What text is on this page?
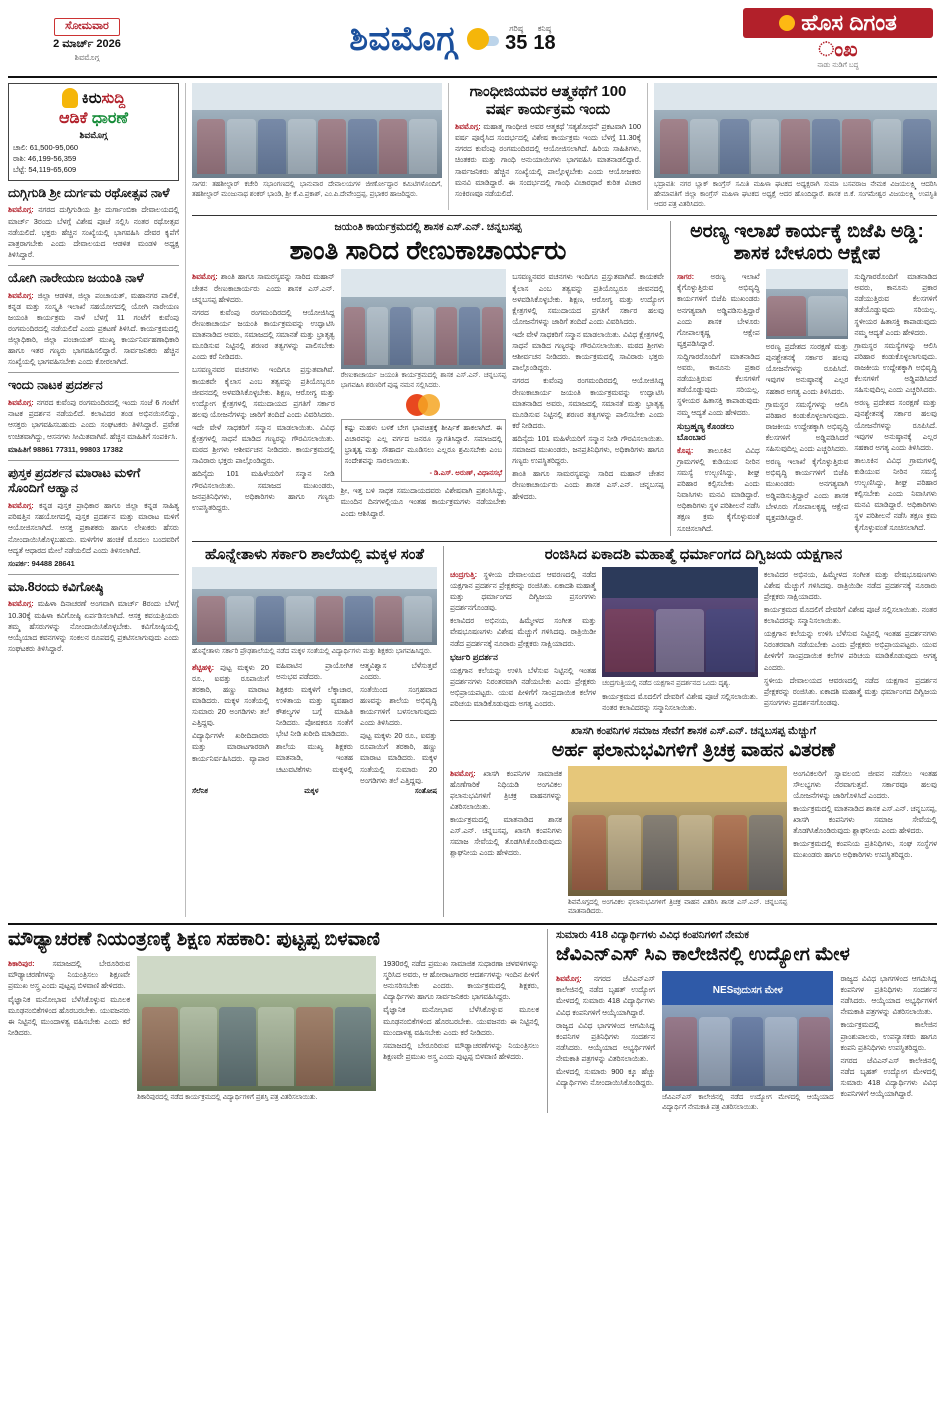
ಸೋಮವಾರ
2 ಮಾರ್ಚ್ 2026
ಶಿವಮೊಗ್ಗ	ಶಿವಮೊಗ್ಗ	ಗರಿಷ್ಠ
35
ಕನಿಷ್ಠ
18
ಹೊಸ ದಿಗಂತ
ಂಖ
ನಾಡು ನುಡಿಗೆ ಬದ್ಧ
ಕಿರುಸುದ್ದಿ
ಆಡಿಕೆ ಧಾರಣೆ
ಶಿವಮೊಗ್ಗ
ಚಾಲಿ: 61,500-95,060
ರಾಶಿ: 46,199-56,359
ಬೆಟ್ಟೆ: 54,119-65,609
ದುಗ್ಗಿಗುಡಿ ಶ್ರೀ ದುರ್ಗಮ ರಥೋತ್ಸವ ನಾಳೆ

ಶಿವಮೊಗ್ಗ: ನಗರದ ದುಗ್ಗಿಗುಡಿಯ ಶ್ರೀ ದುರ್ಗಾಂಬಿಕಾ ದೇವಾಲಯದಲ್ಲಿ ಮಾರ್ಚ್ 3ರಂದು ಬೆಳಗ್ಗೆ ವಿಶೇಷ ಪೂಜೆ ಸಲ್ಲಿಸಿ ನಂತರ ರಥೋತ್ಸವ ನಡೆಯಲಿದೆ. ಭಕ್ತರು ಹೆಚ್ಚಿನ ಸಂಖ್ಯೆಯಲ್ಲಿ ಭಾಗವಹಿಸಿ ದೇವರ ಕೃಪೆಗೆ ಪಾತ್ರರಾಗಬೇಕು ಎಂದು ದೇವಾಲಯದ ಆಡಳಿತ ಮಂಡಳಿ ಅಧ್ಯಕ್ಷ ತಿಳಿಸಿದ್ದಾರೆ.

ಯೋಗಿ ನಾರೇಯಣ ಜಯಂತಿ ನಾಳೆ

ಶಿವಮೊಗ್ಗ: ಜಿಲ್ಲಾ ಆಡಳಿತ, ಜಿಲ್ಲಾ ಪಂಚಾಯತ್, ಮಹಾನಗರ ಪಾಲಿಕೆ, ಕನ್ನಡ ಮತ್ತು ಸಂಸ್ಕೃತಿ ಇಲಾಖೆ ಸಹಯೋಗದಲ್ಲಿ ಯೋಗಿ ನಾರೇಯಣ ಜಯಂತಿ ಕಾರ್ಯಕ್ರಮ ನಾಳೆ ಬೆಳಗ್ಗೆ 11 ಗಂಟೆಗೆ ಕುವೆಂಪು ರಂಗಮಂದಿರದಲ್ಲಿ ನಡೆಯಲಿದೆ ಎಂದು ಪ್ರಕಟಣೆ ತಿಳಿಸಿದೆ. ಕಾರ್ಯಕ್ರಮದಲ್ಲಿ ಜಿಲ್ಲಾಧಿಕಾರಿ, ಜಿಲ್ಲಾ ಪಂಚಾಯತ್ ಮುಖ್ಯ ಕಾರ್ಯನಿರ್ವಹಣಾಧಿಕಾರಿ ಹಾಗೂ ಇತರ ಗಣ್ಯರು ಭಾಗವಹಿಸಲಿದ್ದಾರೆ. ಸಾರ್ವಜನಿಕರು ಹೆಚ್ಚಿನ ಸಂಖ್ಯೆಯಲ್ಲಿ ಭಾಗವಹಿಸಬೇಕು ಎಂದು ಕೋರಲಾಗಿದೆ.

ಇಂದು ನಾಟಕ ಪ್ರದರ್ಶನ

ಶಿವಮೊಗ್ಗ: ನಗರದ ಕುವೆಂಪು ರಂಗಮಂದಿರದಲ್ಲಿ ಇಂದು ಸಂಜೆ 6 ಗಂಟೆಗೆ ನಾಟಕ ಪ್ರದರ್ಶನ ನಡೆಯಲಿದೆ. ಕಲಾವಿದರ ತಂಡ ಅಭಿನಯಿಸಲಿದ್ದು, ಆಸಕ್ತರು ಭಾಗವಹಿಸಬಹುದು ಎಂದು ಸಂಘಟಕರು ತಿಳಿಸಿದ್ದಾರೆ. ಪ್ರವೇಶ ಉಚಿತವಾಗಿದ್ದು, ಆಸನಗಳು ಸೀಮಿತವಾಗಿವೆ. ಹೆಚ್ಚಿನ ಮಾಹಿತಿಗೆ ಸಂಪರ್ಕಿಸಿ.

ಮಾಹಿತಿಗೆ 98861 77311, 99803 17382

ಪುಸ್ತಕ ಪ್ರದರ್ಶನ ಮಾರಾಟ ಮಳಿಗೆ ಸೊಂದಿಗೆ ಆಹ್ವಾನ

ಶಿವಮೊಗ್ಗ: ಕನ್ನಡ ಪುಸ್ತಕ ಪ್ರಾಧಿಕಾರ ಹಾಗೂ ಜಿಲ್ಲಾ ಕನ್ನಡ ಸಾಹಿತ್ಯ ಪರಿಷತ್ತಿನ ಸಹಯೋಗದಲ್ಲಿ ಪುಸ್ತಕ ಪ್ರದರ್ಶನ ಮತ್ತು ಮಾರಾಟ ಮಳಿಗೆ ಆಯೋಜಿಸಲಾಗಿದೆ. ಆಸಕ್ತ ಪ್ರಕಾಶಕರು ಹಾಗೂ ಲೇಖಕರು ಹೆಸರು ನೋಂದಾಯಿಸಿಕೊಳ್ಳಬಹುದು. ಮಳಿಗೆಗಳ ಹಂಚಿಕೆ ಮೊದಲು ಬಂದವರಿಗೆ ಆದ್ಯತೆ ಆಧಾರದ ಮೇಲೆ ನಡೆಯಲಿದೆ ಎಂದು ತಿಳಿಸಲಾಗಿದೆ.

ಸಂಪರ್ಕ: 94488 28641

ಮಾ.8ರಂದು ಕವಿಗೋಷ್ಠಿ

ಶಿವಮೊಗ್ಗ: ಮಹಿಳಾ ದಿನಾಚರಣೆ ಅಂಗವಾಗಿ ಮಾರ್ಚ್ 8ರಂದು ಬೆಳಗ್ಗೆ 10.30ಕ್ಕೆ ಮಹಿಳಾ ಕವಿಗೋಷ್ಠಿ ಏರ್ಪಡಿಸಲಾಗಿದೆ. ಆಸಕ್ತ ಕವಯತ್ರಿಯರು ತಮ್ಮ ಹೆಸರುಗಳನ್ನು ನೋಂದಾಯಿಸಿಕೊಳ್ಳಬೇಕು. ಕವಿಗೋಷ್ಠಿಯಲ್ಲಿ ಆಯ್ಕೆಯಾದ ಕವನಗಳನ್ನು ಸಂಕಲನ ರೂಪದಲ್ಲಿ ಪ್ರಕಟಿಸಲಾಗುವುದು ಎಂದು ಸಂಘಟಕರು ತಿಳಿಸಿದ್ದಾರೆ.

ಸಾಗರ: ತಹಶೀಲ್ದಾರ್ ಕಚೇರಿ ಸಭಾಂಗಣದಲ್ಲಿ ಭಾನುವಾರ ದೇವಾಲಯಗಳ ಜೀರ್ಣೋದ್ಧಾರ ಕಮಿಟಿಗಳೊಂದಿಗೆ, ತಹಶೀಲ್ದಾರ್ ಮಂಜುನಾಥ ಶಂಕರ್ ಭಾಂಡಿ, ಶ್ರೀ ಕೆ.ವಿ.ಪ್ರಕಾಶ್, ಎಂ.ಪಿ.ದೇವೇಂದ್ರಪ್ಪ, ಪ್ರಭಾಕರ ಹಾಜರಿದ್ದರು.
ಗಾಂಧೀಜಿಯವರ ಆತ್ಮಕಥೆಗೆ 100 ವರ್ಷ ಕಾರ್ಯಕ್ರಮ ಇಂದು

ಶಿವಮೊಗ್ಗ: ಮಹಾತ್ಮ ಗಾಂಧೀಜಿ ಅವರ ಆತ್ಮಕಥೆ 'ಸತ್ಯಶೋಧನೆ' ಪ್ರಕಟವಾಗಿ 100 ವರ್ಷ ಪೂರೈಸಿದ ಸಂದರ್ಭದಲ್ಲಿ ವಿಶೇಷ ಕಾರ್ಯಕ್ರಮ ಇಂದು ಬೆಳಗ್ಗೆ 11.30ಕ್ಕೆ ನಗರದ ಕುವೆಂಪು ರಂಗಮಂದಿರದಲ್ಲಿ ಆಯೋಜಿಸಲಾಗಿದೆ. ಹಿರಿಯ ಸಾಹಿತಿಗಳು, ಚಿಂತಕರು ಮತ್ತು ಗಾಂಧಿ ಅನುಯಾಯಿಗಳು ಭಾಗವಹಿಸಿ ಮಾತನಾಡಲಿದ್ದಾರೆ. ಸಾರ್ವಜನಿಕರು ಹೆಚ್ಚಿನ ಸಂಖ್ಯೆಯಲ್ಲಿ ಪಾಲ್ಗೊಳ್ಳಬೇಕು ಎಂದು ಆಯೋಜಕರು ಮನವಿ ಮಾಡಿದ್ದಾರೆ. ಈ ಸಂದರ್ಭದಲ್ಲಿ ಗಾಂಧಿ ವಿಚಾರಧಾರೆ ಕುರಿತ ವಿಚಾರ ಸಂಕಿರಣವೂ ನಡೆಯಲಿದೆ.

ಭದ್ರಾವತಿ: ನಗರ ಬ್ಲಾಕ್ ಕಾಂಗ್ರೆಸ್ ಸಮಿತಿ ಮಹಿಳಾ ಘಟಕದ ಅಧ್ಯಕ್ಷರಾಗಿ ಸುಮಾ ಬಸವರಾಜ ನೇಮಕ ವಿಜಯಲಕ್ಷ್ಮಿ ಆದರಿಸಿ ಹೇಮಾವತಿಗೆ ಜಿಲ್ಲಾ ಕಾಂಗ್ರೆಸ್ ಮಹಿಳಾ ಘಟಕದ ಅಧ್ಯಕ್ಷೆ ಆದರ ಹೊಂದಿದ್ದಾರೆ. ಶಾಸಕ ಬಿ.ಕೆ. ಸಂಗಮೇಶ್ವರ ವಿಜಯಲಕ್ಷ್ಮಿ ಉಪಸ್ಥಿತಿ ಆದರ ಪತ್ರ ವಿತರಿಸಿದರು.
ಜಯಂತಿ ಕಾರ್ಯಕ್ರಮದಲ್ಲಿ ಶಾಸಕ ಎಸ್.ಎನ್. ಚನ್ನಬಸಪ್ಪ
ಶಾಂತಿ ಸಾರಿದ ರೇಣುಕಾಚಾರ್ಯರು

ಶಿವಮೊಗ್ಗ: ಶಾಂತಿ ಹಾಗೂ ಸಾಮರಸ್ಯವನ್ನು ಸಾರಿದ ಮಹಾನ್ ಚೇತನ ರೇಣುಕಾಚಾರ್ಯರು ಎಂದು ಶಾಸಕ ಎಸ್.ಎನ್. ಚನ್ನಬಸಪ್ಪ ಹೇಳಿದರು.

ನಗರದ ಕುವೆಂಪು ರಂಗಮಂದಿರದಲ್ಲಿ ಆಯೋಜಿಸಿದ್ದ ರೇಣುಕಾಚಾರ್ಯ ಜಯಂತಿ ಕಾರ್ಯಕ್ರಮವನ್ನು ಉದ್ಘಾಟಿಸಿ ಮಾತನಾಡಿದ ಅವರು, ಸಮಾಜದಲ್ಲಿ ಸಮಾನತೆ ಮತ್ತು ಭ್ರಾತೃತ್ವ ಮೂಡಿಸುವ ನಿಟ್ಟಿನಲ್ಲಿ ಶರಣರ ತತ್ವಗಳನ್ನು ಪಾಲಿಸಬೇಕು ಎಂದು ಕರೆ ನೀಡಿದರು.

ಬಸವಣ್ಣನವರ ವಚನಗಳು ಇಂದಿಗೂ ಪ್ರಸ್ತುತವಾಗಿವೆ. ಕಾಯಕವೇ ಕೈಲಾಸ ಎಂಬ ತತ್ವವನ್ನು ಪ್ರತಿಯೊಬ್ಬರೂ ಜೀವನದಲ್ಲಿ ಅಳವಡಿಸಿಕೊಳ್ಳಬೇಕು. ಶಿಕ್ಷಣ, ಆರೋಗ್ಯ ಮತ್ತು ಉದ್ಯೋಗ ಕ್ಷೇತ್ರಗಳಲ್ಲಿ ಸಮುದಾಯದ ಪ್ರಗತಿಗೆ ಸರ್ಕಾರ ಹಲವು ಯೋಜನೆಗಳನ್ನು ಜಾರಿಗೆ ತಂದಿದೆ ಎಂದು ವಿವರಿಸಿದರು.

ಇದೇ ವೇಳೆ ಸಾಧಕರಿಗೆ ಸನ್ಮಾನ ಮಾಡಲಾಯಿತು. ವಿವಿಧ ಕ್ಷೇತ್ರಗಳಲ್ಲಿ ಸಾಧನೆ ಮಾಡಿದ ಗಣ್ಯರನ್ನು ಗೌರವಿಸಲಾಯಿತು. ಮಠದ ಶ್ರೀಗಳು ಆಶೀರ್ವಚನ ನೀಡಿದರು. ಕಾರ್ಯಕ್ರಮದಲ್ಲಿ ಸಾವಿರಾರು ಭಕ್ತರು ಪಾಲ್ಗೊಂಡಿದ್ದರು.

ಹದಿನೈದು 101 ಮಹಿಳೆಯರಿಗೆ ಸನ್ಮಾನ ನೀಡಿ ಗೌರವಿಸಲಾಯಿತು. ಸಮಾಜದ ಮುಖಂಡರು, ಜನಪ್ರತಿನಿಧಿಗಳು, ಅಧಿಕಾರಿಗಳು ಹಾಗೂ ಗಣ್ಯರು ಉಪಸ್ಥಿತರಿದ್ದರು.

ರೇಣುಕಾಚಾರ್ಯ ಜಯಂತಿ ಕಾರ್ಯಕ್ರಮದಲ್ಲಿ ಶಾಸಕ ಎಸ್.ಎನ್. ಚನ್ನಬಸಪ್ಪ ಭಾಗವಹಿಸಿ ಶರಣರಿಗೆ ಪುಷ್ಪ ನಮನ ಸಲ್ಲಿಸಿದರು.
ಕಷ್ಟು ಮಹಳು ಬಳಕೆ ಬೇಗ ಭಾವಚಿತ್ರಕ್ಕೆ ಶೀರ್ಷಿಕೆ ಹಾಕಲಾಗಿದೆ. ಈ ವಿಚಾರವನ್ನು ಎಲ್ಲ ವರ್ಗದ ಜನರೂ ಸ್ವಾಗತಿಸಿದ್ದಾರೆ. ಸಮಾಜದಲ್ಲಿ ಭ್ರಾತೃತ್ವ ಮತ್ತು ಸೌಹಾರ್ದ ಮೂಡಿಸಲು ಎಲ್ಲರೂ ಶ್ರಮಿಸಬೇಕು ಎಂಬ ಸಂದೇಶವನ್ನು ಸಾರಲಾಯಿತು.
- ಡಿ.ಎಸ್. ಅರುಣ್, ವಿಧಾನಸಭೆ

ಶ್ರೀ, ಇತ್ತ ಬಳಿ ಸಾಧಕ ಸಮುದಾಯದವರು ವಿಶೇಷವಾಗಿ ಪ್ರಶಂಸಿಸಿದ್ದು, ಮುಂದಿನ ದಿನಗಳಲ್ಲಿಯೂ ಇಂತಹ ಕಾರ್ಯಕ್ರಮಗಳು ನಡೆಯಬೇಕು ಎಂದು ಆಶಿಸಿದ್ದಾರೆ.

ಬಸವಣ್ಣನವರ ವಚನಗಳು ಇಂದಿಗೂ ಪ್ರಸ್ತುತವಾಗಿವೆ. ಕಾಯಕವೇ ಕೈಲಾಸ ಎಂಬ ತತ್ವವನ್ನು ಪ್ರತಿಯೊಬ್ಬರೂ ಜೀವನದಲ್ಲಿ ಅಳವಡಿಸಿಕೊಳ್ಳಬೇಕು. ಶಿಕ್ಷಣ, ಆರೋಗ್ಯ ಮತ್ತು ಉದ್ಯೋಗ ಕ್ಷೇತ್ರಗಳಲ್ಲಿ ಸಮುದಾಯದ ಪ್ರಗತಿಗೆ ಸರ್ಕಾರ ಹಲವು ಯೋಜನೆಗಳನ್ನು ಜಾರಿಗೆ ತಂದಿದೆ ಎಂದು ವಿವರಿಸಿದರು.

ಇದೇ ವೇಳೆ ಸಾಧಕರಿಗೆ ಸನ್ಮಾನ ಮಾಡಲಾಯಿತು. ವಿವಿಧ ಕ್ಷೇತ್ರಗಳಲ್ಲಿ ಸಾಧನೆ ಮಾಡಿದ ಗಣ್ಯರನ್ನು ಗೌರವಿಸಲಾಯಿತು. ಮಠದ ಶ್ರೀಗಳು ಆಶೀರ್ವಚನ ನೀಡಿದರು. ಕಾರ್ಯಕ್ರಮದಲ್ಲಿ ಸಾವಿರಾರು ಭಕ್ತರು ಪಾಲ್ಗೊಂಡಿದ್ದರು.

ನಗರದ ಕುವೆಂಪು ರಂಗಮಂದಿರದಲ್ಲಿ ಆಯೋಜಿಸಿದ್ದ ರೇಣುಕಾಚಾರ್ಯ ಜಯಂತಿ ಕಾರ್ಯಕ್ರಮವನ್ನು ಉದ್ಘಾಟಿಸಿ ಮಾತನಾಡಿದ ಅವರು, ಸಮಾಜದಲ್ಲಿ ಸಮಾನತೆ ಮತ್ತು ಭ್ರಾತೃತ್ವ ಮೂಡಿಸುವ ನಿಟ್ಟಿನಲ್ಲಿ ಶರಣರ ತತ್ವಗಳನ್ನು ಪಾಲಿಸಬೇಕು ಎಂದು ಕರೆ ನೀಡಿದರು.

ಹದಿನೈದು 101 ಮಹಿಳೆಯರಿಗೆ ಸನ್ಮಾನ ನೀಡಿ ಗೌರವಿಸಲಾಯಿತು. ಸಮಾಜದ ಮುಖಂಡರು, ಜನಪ್ರತಿನಿಧಿಗಳು, ಅಧಿಕಾರಿಗಳು ಹಾಗೂ ಗಣ್ಯರು ಉಪಸ್ಥಿತರಿದ್ದರು.

ಶಾಂತಿ ಹಾಗೂ ಸಾಮರಸ್ಯವನ್ನು ಸಾರಿದ ಮಹಾನ್ ಚೇತನ ರೇಣುಕಾಚಾರ್ಯರು ಎಂದು ಶಾಸಕ ಎಸ್.ಎನ್. ಚನ್ನಬಸಪ್ಪ ಹೇಳಿದರು.

ಅರಣ್ಯ ಇಲಾಖೆ ಕಾರ್ಯಕ್ಕೆ ಬಿಜೆಪಿ ಅಡ್ಡಿ: ಶಾಸಕ ಬೇಳೂರು ಆಕ್ಷೇಪ

ಸಾಗರ: ಅರಣ್ಯ ಇಲಾಖೆ ಕೈಗೊಳ್ಳುತ್ತಿರುವ ಅಭಿವೃದ್ಧಿ ಕಾರ್ಯಗಳಿಗೆ ಬಿಜೆಪಿ ಮುಖಂಡರು ಅನಗತ್ಯವಾಗಿ ಅಡ್ಡಿಪಡಿಸುತ್ತಿದ್ದಾರೆ ಎಂದು ಶಾಸಕ ಬೇಳೂರು ಗೋಪಾಲಕೃಷ್ಣ ಆಕ್ಷೇಪ ವ್ಯಕ್ತಪಡಿಸಿದ್ದಾರೆ.

ಸುದ್ದಿಗಾರರೊಂದಿಗೆ ಮಾತನಾಡಿದ ಅವರು, ಕಾನೂನು ಪ್ರಕಾರ ನಡೆಯುತ್ತಿರುವ ಕೆಲಸಗಳಿಗೆ ತಡೆಯೊಡ್ಡುವುದು ಸರಿಯಲ್ಲ. ಸ್ಥಳೀಯರ ಹಿತಾಸಕ್ತಿ ಕಾಪಾಡುವುದು ನಮ್ಮ ಆದ್ಯತೆ ಎಂದು ಹೇಳಿದರು.

ಸುಬ್ರಹ್ಮಣ್ಯ ಕೊಂಡಲು ಬೊಂಬಾರ

ಕೊಪ್ಪ: ತಾಲೂಕಿನ ವಿವಿಧ ಗ್ರಾಮಗಳಲ್ಲಿ ಕುಡಿಯುವ ನೀರಿನ ಸಮಸ್ಯೆ ಉಲ್ಬಣಿಸಿದ್ದು, ಶೀಘ್ರ ಪರಿಹಾರ ಕಲ್ಪಿಸಬೇಕು ಎಂದು ನಿವಾಸಿಗಳು ಮನವಿ ಮಾಡಿದ್ದಾರೆ. ಅಧಿಕಾರಿಗಳು ಸ್ಥಳ ಪರಿಶೀಲನೆ ನಡೆಸಿ ತಕ್ಷಣ ಕ್ರಮ ಕೈಗೊಳ್ಳುವಂತೆ ಸೂಚಿಸಲಾಗಿದೆ.

ಅರಣ್ಯ ಪ್ರದೇಶದ ಸಂರಕ್ಷಣೆ ಮತ್ತು ಪುನಶ್ಚೇತನಕ್ಕೆ ಸರ್ಕಾರ ಹಲವು ಯೋಜನೆಗಳನ್ನು ರೂಪಿಸಿದೆ. ಇವುಗಳ ಅನುಷ್ಠಾನಕ್ಕೆ ಎಲ್ಲರ ಸಹಕಾರ ಅಗತ್ಯ ಎಂದು ತಿಳಿಸಿದರು.

ಗ್ರಾಮಸ್ಥರ ಸಮಸ್ಯೆಗಳನ್ನು ಆಲಿಸಿ ಪರಿಹಾರ ಕಂಡುಕೊಳ್ಳಲಾಗುವುದು. ರಾಜಕೀಯ ಉದ್ದೇಶಕ್ಕಾಗಿ ಅಭಿವೃದ್ಧಿ ಕೆಲಸಗಳಿಗೆ ಅಡ್ಡಿಪಡಿಸಿದರೆ ಸಹಿಸುವುದಿಲ್ಲ ಎಂದು ಎಚ್ಚರಿಸಿದರು.

ಅರಣ್ಯ ಇಲಾಖೆ ಕೈಗೊಳ್ಳುತ್ತಿರುವ ಅಭಿವೃದ್ಧಿ ಕಾರ್ಯಗಳಿಗೆ ಬಿಜೆಪಿ ಮುಖಂಡರು ಅನಗತ್ಯವಾಗಿ ಅಡ್ಡಿಪಡಿಸುತ್ತಿದ್ದಾರೆ ಎಂದು ಶಾಸಕ ಬೇಳೂರು ಗೋಪಾಲಕೃಷ್ಣ ಆಕ್ಷೇಪ ವ್ಯಕ್ತಪಡಿಸಿದ್ದಾರೆ.

ಸುದ್ದಿಗಾರರೊಂದಿಗೆ ಮಾತನಾಡಿದ ಅವರು, ಕಾನೂನು ಪ್ರಕಾರ ನಡೆಯುತ್ತಿರುವ ಕೆಲಸಗಳಿಗೆ ತಡೆಯೊಡ್ಡುವುದು ಸರಿಯಲ್ಲ. ಸ್ಥಳೀಯರ ಹಿತಾಸಕ್ತಿ ಕಾಪಾಡುವುದು ನಮ್ಮ ಆದ್ಯತೆ ಎಂದು ಹೇಳಿದರು.

ಗ್ರಾಮಸ್ಥರ ಸಮಸ್ಯೆಗಳನ್ನು ಆಲಿಸಿ ಪರಿಹಾರ ಕಂಡುಕೊಳ್ಳಲಾಗುವುದು. ರಾಜಕೀಯ ಉದ್ದೇಶಕ್ಕಾಗಿ ಅಭಿವೃದ್ಧಿ ಕೆಲಸಗಳಿಗೆ ಅಡ್ಡಿಪಡಿಸಿದರೆ ಸಹಿಸುವುದಿಲ್ಲ ಎಂದು ಎಚ್ಚರಿಸಿದರು.

ಅರಣ್ಯ ಪ್ರದೇಶದ ಸಂರಕ್ಷಣೆ ಮತ್ತು ಪುನಶ್ಚೇತನಕ್ಕೆ ಸರ್ಕಾರ ಹಲವು ಯೋಜನೆಗಳನ್ನು ರೂಪಿಸಿದೆ. ಇವುಗಳ ಅನುಷ್ಠಾನಕ್ಕೆ ಎಲ್ಲರ ಸಹಕಾರ ಅಗತ್ಯ ಎಂದು ತಿಳಿಸಿದರು.

ತಾಲೂಕಿನ ವಿವಿಧ ಗ್ರಾಮಗಳಲ್ಲಿ ಕುಡಿಯುವ ನೀರಿನ ಸಮಸ್ಯೆ ಉಲ್ಬಣಿಸಿದ್ದು, ಶೀಘ್ರ ಪರಿಹಾರ ಕಲ್ಪಿಸಬೇಕು ಎಂದು ನಿವಾಸಿಗಳು ಮನವಿ ಮಾಡಿದ್ದಾರೆ. ಅಧಿಕಾರಿಗಳು ಸ್ಥಳ ಪರಿಶೀಲನೆ ನಡೆಸಿ ತಕ್ಷಣ ಕ್ರಮ ಕೈಗೊಳ್ಳುವಂತೆ ಸೂಚಿಸಲಾಗಿದೆ.

ಹೊನ್ನೇತಾಳು ಸರ್ಕಾರಿ ಶಾಲೆಯಲ್ಲಿ ಮಕ್ಕಳ ಸಂತೆ
ಹೊನ್ನೇತಾಳು ಸರ್ಕಾರಿ ಪ್ರೌಢಶಾಲೆಯಲ್ಲಿ ನಡೆದ ಮಕ್ಕಳ ಸಂತೆಯಲ್ಲಿ ವಿದ್ಯಾರ್ಥಿಗಳು ಮತ್ತು ಶಿಕ್ಷಕರು ಭಾಗವಹಿಸಿದ್ದರು.

ಶೆಟ್ಟಿಹಳ್ಳಿ: ಪುಟ್ಟ ಮಕ್ಕಳು 20 ರೂ., ಐವತ್ತು ರೂಪಾಯಿಗೆ ತರಕಾರಿ, ಹಣ್ಣು ಮಾರಾಟ ಮಾಡಿದರು. ಮಕ್ಕಳ ಸಂತೆಯಲ್ಲಿ ಸುಮಾರು 20 ಅಂಗಡಿಗಳು ತಲೆ ಎತ್ತಿದ್ದವು.

ವಿದ್ಯಾರ್ಥಿಗಳೇ ಖರೀದಿದಾರರು ಮತ್ತು ಮಾರಾಟಗಾರರಾಗಿ ಕಾರ್ಯನಿರ್ವಹಿಸಿದರು. ವ್ಯಾಪಾರ ವಹಿವಾಟಿನ ಪ್ರಾಯೋಗಿಕ ಅನುಭವ ಪಡೆದರು.

ಶಿಕ್ಷಕರು ಮಕ್ಕಳಿಗೆ ಲೆಕ್ಕಾಚಾರ, ಉಳಿತಾಯ ಮತ್ತು ವ್ಯವಹಾರ ಕೌಶಲ್ಯಗಳ ಬಗ್ಗೆ ಮಾಹಿತಿ ನೀಡಿದರು. ಪೋಷಕರೂ ಸಂತೆಗೆ ಭೇಟಿ ನೀಡಿ ಖರೀದಿ ಮಾಡಿದರು.

ಶಾಲೆಯ ಮುಖ್ಯ ಶಿಕ್ಷಕರು ಮಾತನಾಡಿ, ಇಂತಹ ಚಟುವಟಿಕೆಗಳು ಮಕ್ಕಳಲ್ಲಿ ಆತ್ಮವಿಶ್ವಾಸ ಬೆಳೆಸುತ್ತವೆ ಎಂದರು.

ಸಂತೆಯಿಂದ ಸಂಗ್ರಹವಾದ ಹಣವನ್ನು ಶಾಲೆಯ ಅಭಿವೃದ್ಧಿ ಕಾರ್ಯಗಳಿಗೆ ಬಳಸಲಾಗುವುದು ಎಂದು ತಿಳಿಸಿದರು.

ಪುಟ್ಟ ಮಕ್ಕಳು 20 ರೂ., ಐವತ್ತು ರೂಪಾಯಿಗೆ ತರಕಾರಿ, ಹಣ್ಣು ಮಾರಾಟ ಮಾಡಿದರು. ಮಕ್ಕಳ ಸಂತೆಯಲ್ಲಿ ಸುಮಾರು 20 ಅಂಗಡಿಗಳು ತಲೆ ಎತ್ತಿದ್ದವು.

ಸೆಲೆನಿಕ	ಮಕ್ಕಳ	ಸಂತೋಷ
ರಂಜಿಸಿದ ಏಕಾದಶಿ ಮಹಾತ್ಮೆ ಧರ್ಮಾಂಗದ ದಿಗ್ವಿಜಯ ಯಕ್ಷಗಾನ

ಚಂದ್ರಗುತ್ತಿ: ಸ್ಥಳೀಯ ದೇವಾಲಯದ ಆವರಣದಲ್ಲಿ ನಡೆದ ಯಕ್ಷಗಾನ ಪ್ರದರ್ಶನ ಪ್ರೇಕ್ಷಕರನ್ನು ರಂಜಿಸಿತು. ಏಕಾದಶಿ ಮಹಾತ್ಮೆ ಮತ್ತು ಧರ್ಮಾಂಗದ ದಿಗ್ವಿಜಯ ಪ್ರಸಂಗಗಳು ಪ್ರದರ್ಶನಗೊಂಡವು.

ಕಲಾವಿದರ ಅಭಿನಯ, ಹಿಮ್ಮೇಳದ ಸಂಗೀತ ಮತ್ತು ವೇಷಭೂಷಣಗಳು ವಿಶೇಷ ಮೆಚ್ಚುಗೆ ಗಳಿಸಿದವು. ರಾತ್ರಿಯಿಡೀ ನಡೆದ ಪ್ರದರ್ಶನಕ್ಕೆ ನೂರಾರು ಪ್ರೇಕ್ಷಕರು ಸಾಕ್ಷಿಯಾದರು.

ಭರ್ಜರಿ ಪ್ರದರ್ಶನ

ಯಕ್ಷಗಾನ ಕಲೆಯನ್ನು ಉಳಿಸಿ ಬೆಳೆಸುವ ನಿಟ್ಟಿನಲ್ಲಿ ಇಂತಹ ಪ್ರದರ್ಶನಗಳು ನಿರಂತರವಾಗಿ ನಡೆಯಬೇಕು ಎಂದು ಪ್ರೇಕ್ಷಕರು ಅಭಿಪ್ರಾಯಪಟ್ಟರು. ಯುವ ಪೀಳಿಗೆಗೆ ಸಾಂಪ್ರದಾಯಿಕ ಕಲೆಗಳ ಪರಿಚಯ ಮಾಡಿಕೊಡುವುದು ಅಗತ್ಯ ಎಂದರು.

ಚಂದ್ರಗುತ್ತಿಯಲ್ಲಿ ನಡೆದ ಯಕ್ಷಗಾನ ಪ್ರದರ್ಶನದ ಒಂದು ದೃಶ್ಯ.

ಕಾರ್ಯಕ್ರಮದ ಮೊದಲಿಗೆ ದೇವರಿಗೆ ವಿಶೇಷ ಪೂಜೆ ಸಲ್ಲಿಸಲಾಯಿತು. ನಂತರ ಕಲಾವಿದರನ್ನು ಸನ್ಮಾನಿಸಲಾಯಿತು.

ಕಲಾವಿದರ ಅಭಿನಯ, ಹಿಮ್ಮೇಳದ ಸಂಗೀತ ಮತ್ತು ವೇಷಭೂಷಣಗಳು ವಿಶೇಷ ಮೆಚ್ಚುಗೆ ಗಳಿಸಿದವು. ರಾತ್ರಿಯಿಡೀ ನಡೆದ ಪ್ರದರ್ಶನಕ್ಕೆ ನೂರಾರು ಪ್ರೇಕ್ಷಕರು ಸಾಕ್ಷಿಯಾದರು.

ಕಾರ್ಯಕ್ರಮದ ಮೊದಲಿಗೆ ದೇವರಿಗೆ ವಿಶೇಷ ಪೂಜೆ ಸಲ್ಲಿಸಲಾಯಿತು. ನಂತರ ಕಲಾವಿದರನ್ನು ಸನ್ಮಾನಿಸಲಾಯಿತು.

ಯಕ್ಷಗಾನ ಕಲೆಯನ್ನು ಉಳಿಸಿ ಬೆಳೆಸುವ ನಿಟ್ಟಿನಲ್ಲಿ ಇಂತಹ ಪ್ರದರ್ಶನಗಳು ನಿರಂತರವಾಗಿ ನಡೆಯಬೇಕು ಎಂದು ಪ್ರೇಕ್ಷಕರು ಅಭಿಪ್ರಾಯಪಟ್ಟರು. ಯುವ ಪೀಳಿಗೆಗೆ ಸಾಂಪ್ರದಾಯಿಕ ಕಲೆಗಳ ಪರಿಚಯ ಮಾಡಿಕೊಡುವುದು ಅಗತ್ಯ ಎಂದರು.

ಸ್ಥಳೀಯ ದೇವಾಲಯದ ಆವರಣದಲ್ಲಿ ನಡೆದ ಯಕ್ಷಗಾನ ಪ್ರದರ್ಶನ ಪ್ರೇಕ್ಷಕರನ್ನು ರಂಜಿಸಿತು. ಏಕಾದಶಿ ಮಹಾತ್ಮೆ ಮತ್ತು ಧರ್ಮಾಂಗದ ದಿಗ್ವಿಜಯ ಪ್ರಸಂಗಗಳು ಪ್ರದರ್ಶನಗೊಂಡವು.

ಖಾಸಗಿ ಕಂಪನಿಗಳ ಸಮಾಜ ಸೇವೆಗೆ ಶಾಸಕ ಎಸ್.ಎನ್. ಚನ್ನಬಸಪ್ಪ ಮೆಚ್ಚುಗೆ
ಅರ್ಹ ಫಲಾನುಭವಿಗಳಿಗೆ ತ್ರಿಚಕ್ರ ವಾಹನ ವಿತರಣೆ

ಶಿವಮೊಗ್ಗ: ಖಾಸಗಿ ಕಂಪನಿಗಳ ಸಾಮಾಜಿಕ ಹೊಣೆಗಾರಿಕೆ ನಿಧಿಯಡಿ ಅಂಗವಿಕಲ ಫಲಾನುಭವಿಗಳಿಗೆ ತ್ರಿಚಕ್ರ ವಾಹನಗಳನ್ನು ವಿತರಿಸಲಾಯಿತು.

ಕಾರ್ಯಕ್ರಮದಲ್ಲಿ ಮಾತನಾಡಿದ ಶಾಸಕ ಎಸ್.ಎನ್. ಚನ್ನಬಸಪ್ಪ, ಖಾಸಗಿ ಕಂಪನಿಗಳು ಸಮಾಜ ಸೇವೆಯಲ್ಲಿ ತೊಡಗಿಸಿಕೊಂಡಿರುವುದು ಶ್ಲಾಘನೀಯ ಎಂದು ಹೇಳಿದರು.

ಶಿವಮೊಗ್ಗದಲ್ಲಿ ಅಂಗವಿಕಲ ಫಲಾನುಭವಿಗಳಿಗೆ ತ್ರಿಚಕ್ರ ವಾಹನ ವಿತರಿಸಿ ಶಾಸಕ ಎಸ್.ಎನ್. ಚನ್ನಬಸಪ್ಪ ಮಾತನಾಡಿದರು.

ಅಂಗವಿಕಲರಿಗೆ ಸ್ವಾವಲಂಬಿ ಜೀವನ ನಡೆಸಲು ಇಂತಹ ಸೌಲಭ್ಯಗಳು ನೆರವಾಗುತ್ತವೆ. ಸರ್ಕಾರವೂ ಹಲವು ಯೋಜನೆಗಳನ್ನು ಜಾರಿಗೊಳಿಸಿದೆ ಎಂದರು.

ಕಾರ್ಯಕ್ರಮದಲ್ಲಿ ಮಾತನಾಡಿದ ಶಾಸಕ ಎಸ್.ಎನ್. ಚನ್ನಬಸಪ್ಪ, ಖಾಸಗಿ ಕಂಪನಿಗಳು ಸಮಾಜ ಸೇವೆಯಲ್ಲಿ ತೊಡಗಿಸಿಕೊಂಡಿರುವುದು ಶ್ಲಾಘನೀಯ ಎಂದು ಹೇಳಿದರು.

ಕಾರ್ಯಕ್ರಮದಲ್ಲಿ ಕಂಪನಿಯ ಪ್ರತಿನಿಧಿಗಳು, ಸಂಘ ಸಂಸ್ಥೆಗಳ ಮುಖಂಡರು ಹಾಗೂ ಅಧಿಕಾರಿಗಳು ಉಪಸ್ಥಿತರಿದ್ದರು.

ಮೌಢ್ಯಾಚರಣೆ ನಿಯಂತ್ರಣಕ್ಕೆ ಶಿಕ್ಷಣ ಸಹಕಾರಿ: ಪುಟ್ಟಪ್ಪ ಬಿಳವಾಣಿ

ಶಿಕಾರಿಪುರ: ಸಮಾಜದಲ್ಲಿ ಬೇರೂರಿರುವ ಮೌಢ್ಯಾಚರಣೆಗಳನ್ನು ನಿಯಂತ್ರಿಸಲು ಶಿಕ್ಷಣವೇ ಪ್ರಮುಖ ಅಸ್ತ್ರ ಎಂದು ಪುಟ್ಟಪ್ಪ ಬಿಳವಾಣಿ ಹೇಳಿದರು.

ವೈಜ್ಞಾನಿಕ ಮನೋಭಾವ ಬೆಳೆಸಿಕೊಳ್ಳುವ ಮೂಲಕ ಮೂಢನಂಬಿಕೆಗಳಿಂದ ಹೊರಬರಬೇಕು. ಯುವಜನರು ಈ ನಿಟ್ಟಿನಲ್ಲಿ ಮುಂದಾಳತ್ವ ವಹಿಸಬೇಕು ಎಂದು ಕರೆ ನೀಡಿದರು.

ಶಿಕಾರಿಪುರದಲ್ಲಿ ನಡೆದ ಕಾರ್ಯಕ್ರಮದಲ್ಲಿ ವಿದ್ಯಾರ್ಥಿಗಳಿಗೆ ಪ್ರಶಸ್ತಿ ಪತ್ರ ವಿತರಿಸಲಾಯಿತು.

1930ರಲ್ಲಿ ನಡೆದ ಪ್ರಮುಖ ಸಾಮಾಜಿಕ ಸುಧಾರಣಾ ಚಳವಳಿಗಳನ್ನು ಸ್ಮರಿಸಿದ ಅವರು, ಆ ಹೋರಾಟಗಾರರ ಆದರ್ಶಗಳನ್ನು ಇಂದಿನ ಪೀಳಿಗೆ ಅನುಸರಿಸಬೇಕು ಎಂದರು. ಕಾರ್ಯಕ್ರಮದಲ್ಲಿ ಶಿಕ್ಷಕರು, ವಿದ್ಯಾರ್ಥಿಗಳು ಹಾಗೂ ಸಾರ್ವಜನಿಕರು ಭಾಗವಹಿಸಿದ್ದರು.

ವೈಜ್ಞಾನಿಕ ಮನೋಭಾವ ಬೆಳೆಸಿಕೊಳ್ಳುವ ಮೂಲಕ ಮೂಢನಂಬಿಕೆಗಳಿಂದ ಹೊರಬರಬೇಕು. ಯುವಜನರು ಈ ನಿಟ್ಟಿನಲ್ಲಿ ಮುಂದಾಳತ್ವ ವಹಿಸಬೇಕು ಎಂದು ಕರೆ ನೀಡಿದರು.

ಸಮಾಜದಲ್ಲಿ ಬೇರೂರಿರುವ ಮೌಢ್ಯಾಚರಣೆಗಳನ್ನು ನಿಯಂತ್ರಿಸಲು ಶಿಕ್ಷಣವೇ ಪ್ರಮುಖ ಅಸ್ತ್ರ ಎಂದು ಪುಟ್ಟಪ್ಪ ಬಿಳವಾಣಿ ಹೇಳಿದರು.

ಸುಮಾರು 418 ವಿದ್ಯಾರ್ಥಿಗಳು ವಿವಿಧ ಕಂಪನಿಗಳಿಗೆ ನೇಮಕ
ಜೆವಿಎನ್ಎಸ್ ಸಿಎ ಕಾಲೇಜಿನಲ್ಲಿ ಉದ್ಯೋಗ ಮೇಳ

ಶಿವಮೊಗ್ಗ: ನಗರದ ಜೆವಿಎನ್ಎಸ್ ಕಾಲೇಜಿನಲ್ಲಿ ನಡೆದ ಬೃಹತ್ ಉದ್ಯೋಗ ಮೇಳದಲ್ಲಿ ಸುಮಾರು 418 ವಿದ್ಯಾರ್ಥಿಗಳು ವಿವಿಧ ಕಂಪನಿಗಳಿಗೆ ಆಯ್ಕೆಯಾಗಿದ್ದಾರೆ.

ರಾಜ್ಯದ ವಿವಿಧ ಭಾಗಗಳಿಂದ ಆಗಮಿಸಿದ್ದ ಕಂಪನಿಗಳ ಪ್ರತಿನಿಧಿಗಳು ಸಂದರ್ಶನ ನಡೆಸಿದರು. ಆಯ್ಕೆಯಾದ ಅಭ್ಯರ್ಥಿಗಳಿಗೆ ನೇಮಕಾತಿ ಪತ್ರಗಳನ್ನು ವಿತರಿಸಲಾಯಿತು.

ಮೇಳದಲ್ಲಿ ಸುಮಾರು 900 ಕ್ಕೂ ಹೆಚ್ಚು ವಿದ್ಯಾರ್ಥಿಗಳು ನೋಂದಾಯಿಸಿಕೊಂಡಿದ್ದರು.

NESವುದುಸಗ ಮೇಳ
ಜೆವಿಎನ್ಎಸ್ ಕಾಲೇಜಿನಲ್ಲಿ ನಡೆದ ಉದ್ಯೋಗ ಮೇಳದಲ್ಲಿ ಆಯ್ಕೆಯಾದ ವಿದ್ಯಾರ್ಥಿಗೆ ನೇಮಕಾತಿ ಪತ್ರ ವಿತರಿಸಲಾಯಿತು.

ರಾಜ್ಯದ ವಿವಿಧ ಭಾಗಗಳಿಂದ ಆಗಮಿಸಿದ್ದ ಕಂಪನಿಗಳ ಪ್ರತಿನಿಧಿಗಳು ಸಂದರ್ಶನ ನಡೆಸಿದರು. ಆಯ್ಕೆಯಾದ ಅಭ್ಯರ್ಥಿಗಳಿಗೆ ನೇಮಕಾತಿ ಪತ್ರಗಳನ್ನು ವಿತರಿಸಲಾಯಿತು.

ಕಾರ್ಯಕ್ರಮದಲ್ಲಿ ಕಾಲೇಜಿನ ಪ್ರಾಂಶುಪಾಲರು, ಉಪನ್ಯಾಸಕರು ಹಾಗೂ ಕಂಪನಿ ಪ್ರತಿನಿಧಿಗಳು ಉಪಸ್ಥಿತರಿದ್ದರು.

ನಗರದ ಜೆವಿಎನ್ಎಸ್ ಕಾಲೇಜಿನಲ್ಲಿ ನಡೆದ ಬೃಹತ್ ಉದ್ಯೋಗ ಮೇಳದಲ್ಲಿ ಸುಮಾರು 418 ವಿದ್ಯಾರ್ಥಿಗಳು ವಿವಿಧ ಕಂಪನಿಗಳಿಗೆ ಆಯ್ಕೆಯಾಗಿದ್ದಾರೆ.
